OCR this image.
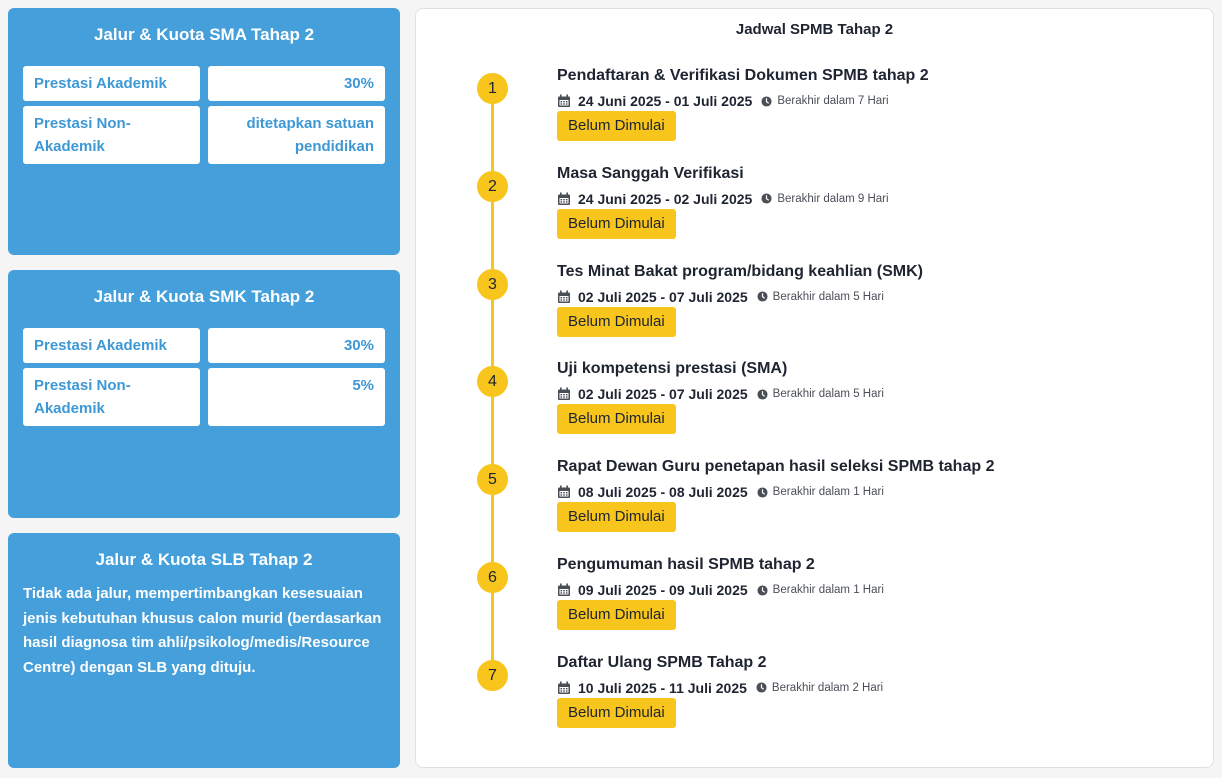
Jalur & Kuota SMA Tahap 2
Prestasi Akademik	30%
Prestasi Non-Akademik
ditetapkan satuan pendidikan
Jalur & Kuota SMK Tahap 2
Prestasi Akademik	30%
Prestasi Non-Akademik
5%
Jalur & Kuota SLB Tahap 2
Tidak ada jalur, mempertimbangkan kesesuaian jenis kebutuhan khusus calon murid (berdasarkan hasil diagnosa tim ahli/psikolog/medis/Resource Centre) dengan SLB yang dituju.
Jadwal SPMB Tahap 2
1
Pendaftaran & Verifikasi Dokumen SPMB tahap 2
24 Juni 2025 - 01 Juli 2025 Berakhir dalam 7 Hari
Belum Dimulai
2
Masa Sanggah Verifikasi
24 Juni 2025 - 02 Juli 2025 Berakhir dalam 9 Hari
Belum Dimulai
3
Tes Minat Bakat program/bidang keahlian (SMK)
02 Juli 2025 - 07 Juli 2025 Berakhir dalam 5 Hari
Belum Dimulai
4
Uji kompetensi prestasi (SMA)
02 Juli 2025 - 07 Juli 2025 Berakhir dalam 5 Hari
Belum Dimulai
5
Rapat Dewan Guru penetapan hasil seleksi SPMB tahap 2
08 Juli 2025 - 08 Juli 2025 Berakhir dalam 1 Hari
Belum Dimulai
6
Pengumuman hasil SPMB tahap 2
09 Juli 2025 - 09 Juli 2025 Berakhir dalam 1 Hari
Belum Dimulai
7
Daftar Ulang SPMB Tahap 2
10 Juli 2025 - 11 Juli 2025 Berakhir dalam 2 Hari
Belum Dimulai
